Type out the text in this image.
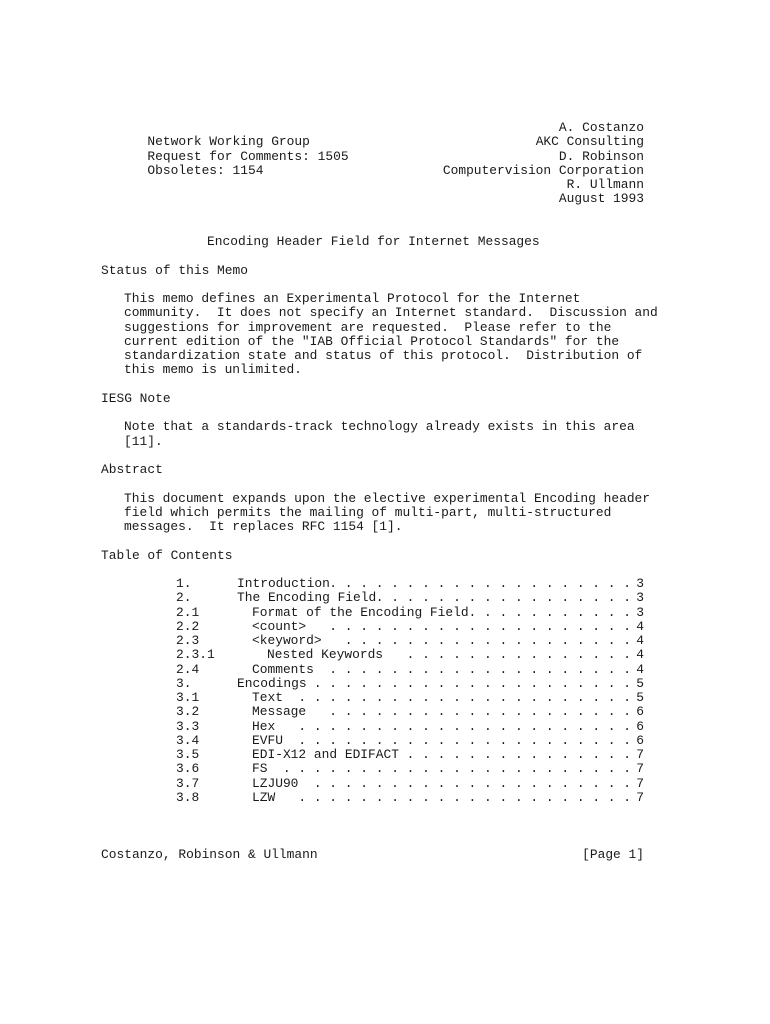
Network Working Group

A. Costanzo

Request for Comments: 1505

AKC Consulting

Obsoletes: 1154

D. Robinson

Computervision Corporation

R. Ullmann

August 1993

Encoding Header Field for Internet Messages
Status of this Memo
This memo defines an Experimental Protocol for the Internet
community.  It does not specify an Internet standard.  Discussion and
suggestions for improvement are requested.  Please refer to the
current edition of the "IAB Official Protocol Standards" for the
standardization state and status of this protocol.  Distribution of
this memo is unlimited.
IESG Note
Note that a standards-track technology already exists in this area
[11].
Abstract
This document expands upon the elective experimental Encoding header
field which permits the mailing of multi-part, multi-structured
messages.  It replaces RFC 1154 [1].
Table of Contents
1.	Introduction . . . . . . . . . . . . . . . . . . . . 3
2.	The Encoding Field . . . . . . . . . . . . . . . . . 3
2.1	Format of the Encoding Field . . . . . . . . . . . 3
2.2	<count> . . . . . . . . . . . . . . . . . . . . 4
2.3	<keyword> . . . . . . . . . . . . . . . . . . . 4
2.3.1	Nested Keywords . . . . . . . . . . . . . . . 4
2.4	Comments . . . . . . . . . . . . . . . . . . . . 4
3.	Encodings . . . . . . . . . . . . . . . . . . . . . 5
3.1	Text . . . . . . . . . . . . . . . . . . . . . . 5
3.2	Message . . . . . . . . . . . . . . . . . . . . 6
3.3	Hex . . . . . . . . . . . . . . . . . . . . . . 6
3.4	EVFU . . . . . . . . . . . . . . . . . . . . . . 6
3.5	EDI-X12 and EDIFACT . . . . . . . . . . . . . . . 7
3.6	FS . . . . . . . . . . . . . . . . . . . . . . . 7
3.7	LZJU90 . . . . . . . . . . . . . . . . . . . . . 7
3.8	LZW . . . . . . . . . . . . . . . . . . . . . . 7
Costanzo, Robinson & Ullmann	[Page 1]
